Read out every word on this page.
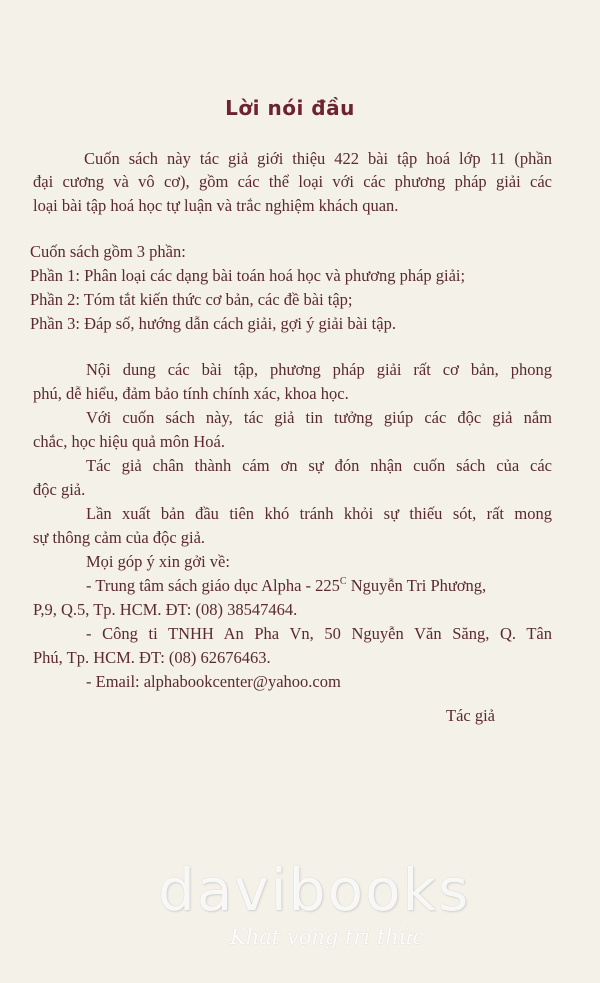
Lời nói đầu
Cuốn sách này tác giả giới thiệu 422 bài tập hoá lớp 11 (phần
đại cương và vô cơ), gồm các thể loại với các phương pháp giải các
loại bài tập hoá học tự luận và trắc nghiệm khách quan.
Cuốn sách gồm 3 phần:
Phần 1: Phân loại các dạng bài toán hoá học và phương pháp giải;
Phần 2: Tóm tắt kiến thức cơ bản, các đề bài tập;
Phần 3: Đáp số, hướng dẫn cách giải, gợi ý giải bài tập.
Nội dung các bài tập, phương pháp giải rất cơ bản, phong
phú, dễ hiểu, đảm bảo tính chính xác, khoa học.
Với cuốn sách này, tác giả tin tưởng giúp các độc giả nắm
chắc, học hiệu quả môn Hoá.
Tác giả chân thành cám ơn sự đón nhận cuốn sách của các
độc giả.
Lần xuất bản đầu tiên khó tránh khỏi sự thiếu sót, rất mong
sự thông cảm của độc giả.
Mọi góp ý xin gởi về:
- Trung tâm sách giáo dục Alpha - $225^C$ Nguyễn Tri Phương,
P,9, Q.5, Tp. HCM. ĐT: (08) 38547464.
- Công ti TNHH An Pha Vn, 50 Nguyễn Văn Săng, Q. Tân
Phú, Tp. HCM. ĐT: (08) 62676463.
- Email: alphabookcenter@yahoo.com
Tác giả
davibooks
Khát vọng tri thức
